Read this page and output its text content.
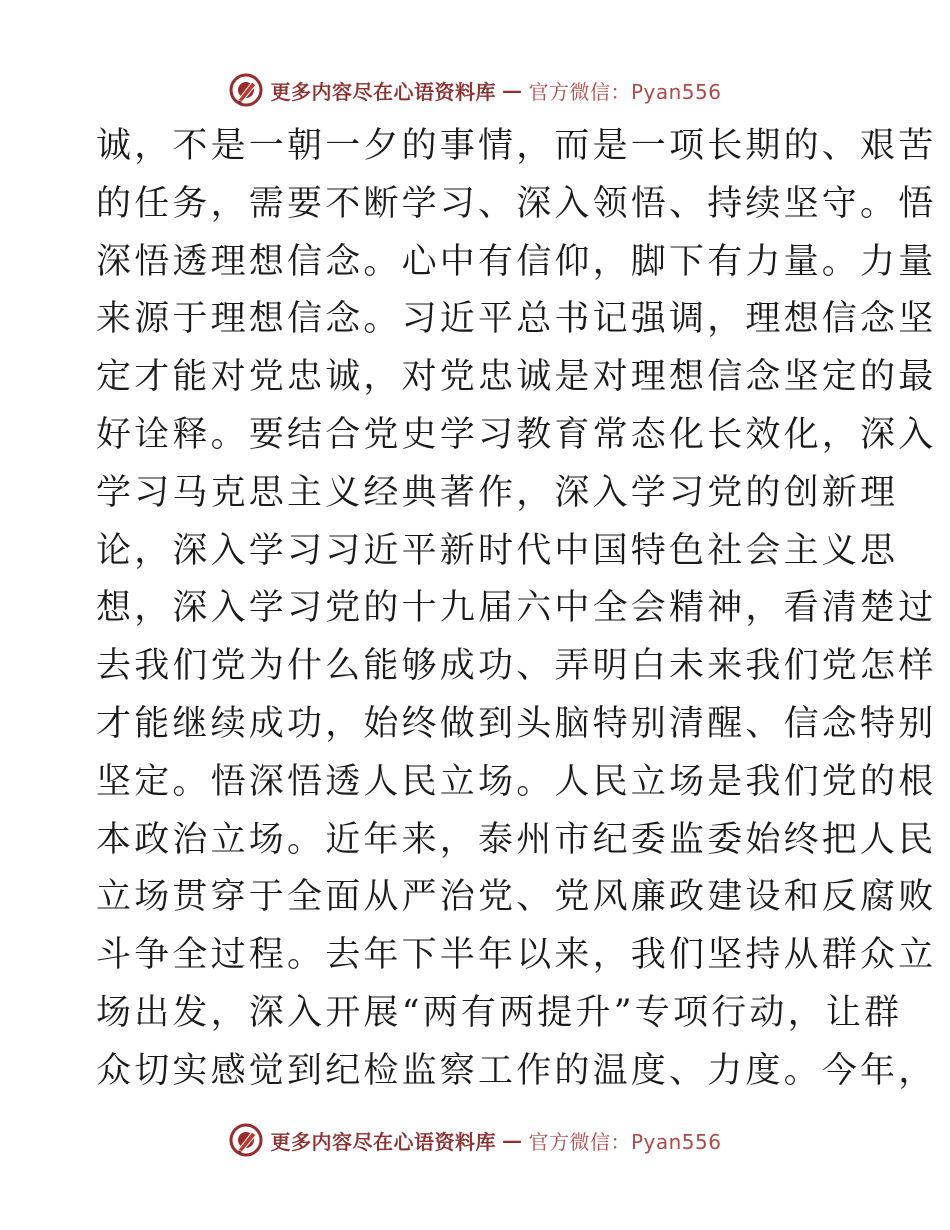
更多内容尽在心语资料库 — 官方微信：Pyan556
诚，不是一朝一夕的事情，而是一项长期的、艰苦
的任务，需要不断学习、深入领悟、持续坚守。悟
深悟透理想信念。心中有信仰，脚下有力量。力量
来源于理想信念。习近平总书记强调，理想信念坚
定才能对党忠诚，对党忠诚是对理想信念坚定的最
好诠释。要结合党史学习教育常态化长效化，深入
学习马克思主义经典著作，深入学习党的创新理
论，深入学习习近平新时代中国特色社会主义思
想，深入学习党的十九届六中全会精神，看清楚过
去我们党为什么能够成功、弄明白未来我们党怎样
才能继续成功，始终做到头脑特别清醒、信念特别
坚定。悟深悟透人民立场。人民立场是我们党的根
本政治立场。近年来，泰州市纪委监委始终把人民
立场贯穿于全面从严治党、党风廉政建设和反腐败
斗争全过程。去年下半年以来，我们坚持从群众立
场出发，深入开展“两有两提升”专项行动，让群
众切实感觉到纪检监察工作的温度、力度。今年，
更多内容尽在心语资料库 — 官方微信：Pyan556
